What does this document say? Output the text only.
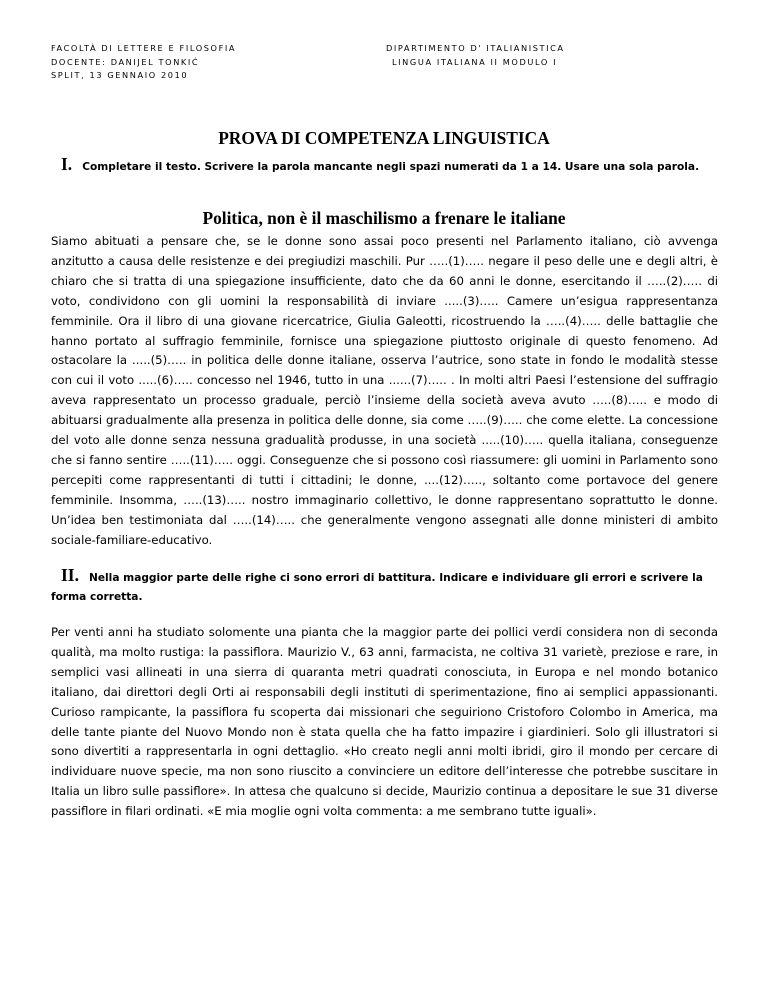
FACOLTÀ DI LETTERE E FILOSOFIA
DOCENTE: DANIJEL TONKIĆ
SPLIT, 13 GENNAIO 2010
DIPARTIMENTO D' ITALIANISTICA
LINGUA ITALIANA II MODULO I
PROVA DI COMPETENZA LINGUISTICA
I. Completare il testo. Scrivere la parola mancante negli spazi numerati da 1 a 14. Usare una sola parola.
Politica, non è il maschilismo a frenare le italiane
Siamo abituati a pensare che, se le donne sono assai poco presenti nel Parlamento italiano, ciò avvenga anzitutto a causa delle resistenze e dei pregiudizi maschili. Pur …..(1)….. negare il peso delle une e degli altri, è chiaro che si tratta di una spiegazione insufficiente, dato che da 60 anni le donne, esercitando il …..(2)….. di voto, condividono con gli uomini la responsabilità di inviare .....(3)….. Camere un’esigua rappresentanza femminile. Ora il libro di una giovane ricercatrice, Giulia Galeotti, ricostruendo la …..(4)….. delle battaglie che hanno portato al suffragio femminile, fornisce una spiegazione piuttosto originale di questo fenomeno. Ad ostacolare la .....(5)….. in politica delle donne italiane, osserva l’autrice, sono state in fondo le modalità stesse con cui il voto .....(6)….. concesso nel 1946, tutto in una ......(7)….. . In molti altri Paesi l’estensione del suffragio aveva rappresentato un processo graduale, perciò l’insieme della società aveva avuto …..(8)….. e modo di abituarsi gradualmente alla presenza in politica delle donne, sia come …..(9)….. che come elette. La concessione del voto alle donne senza nessuna gradualità produsse, in una società .....(10)….. quella italiana, conseguenze che si fanno sentire …..(11)….. oggi. Conseguenze che si possono così riassumere: gli uomini in Parlamento sono percepiti come rappresentanti di tutti i cittadini; le donne, ....(12)….., soltanto come portavoce del genere femminile. Insomma, …..(13)….. nostro immaginario collettivo, le donne rappresentano soprattutto le donne. Un’idea ben testimoniata dal …..(14)….. che generalmente vengono assegnati alle donne ministeri di ambito sociale-familiare-educativo.
II. Nella maggior parte delle righe ci sono errori di battitura. Indicare e individuare gli errori e scrivere la forma corretta.
Per venti anni ha studiato solomente una pianta che la maggior parte dei pollici verdi considera non di seconda qualità, ma molto rustiga: la passiflora. Maurizio V., 63 anni, farmacista, ne coltiva 31 varietè, preziose e rare, in semplici vasi allineati in una sierra di quaranta metri quadrati conosciuta, in Europa e nel mondo botanico italiano, dai direttori degli Orti ai responsabili degli instituti di sperimentazione, fino ai semplici appassionanti. Curioso rampicante, la passiflora fu scoperta dai missionari che seguiriono Cristoforo Colombo in America, ma delle tante piante del Nuovo Mondo non è stata quella che ha fatto impazire i giardinieri. Solo gli illustratori si sono divertiti a rappresentarla in ogni dettaglio. «Ho creato negli anni molti ibridi, giro il mondo per cercare di individuare nuove specie, ma non sono riuscito a convinciere un editore dell’interesse che potrebbe suscitare in Italia un libro sulle passiflore». In attesa che qualcuno si decide, Maurizio continua a depositare le sue 31 diverse passiflore in filari ordinati. «E mia moglie ogni volta commenta: a me sembrano tutte iguali».
